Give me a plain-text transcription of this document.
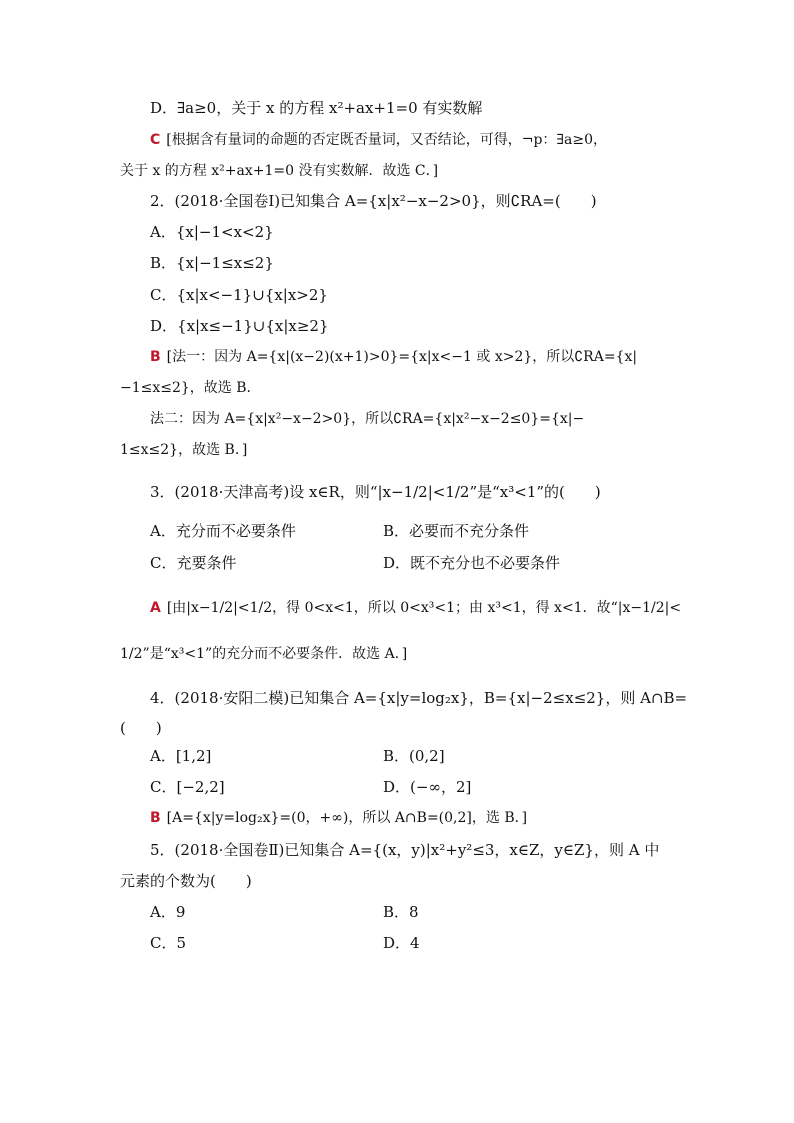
D．∃a≥0，关于 x 的方程 x²+ax+1=0 有实数解
C [根据含有量词的命题的否定既否量词，又否结论，可得，¬p：∃a≥0，
关于 x 的方程 x²+ax+1=0 没有实数解．故选 C．]
2．(2018·全国卷Ⅰ)已知集合 A={x|x²−x−2>0}，则∁RA=(　　)
A．{x|−1<x<2}
B．{x|−1≤x≤2}
C．{x|x<−1}∪{x|x>2}
D．{x|x≤−1}∪{x|x≥2}
B [法一：因为 A={x|(x−2)(x+1)>0}={x|x<−1 或 x>2}，所以∁RA={x|
−1≤x≤2}，故选 B．
法二：因为 A={x|x²−x−2>0}，所以∁RA={x|x²−x−2≤0}={x|−
1≤x≤2}，故选 B．]
3．(2018·天津高考)设 x∈R，则“|x−1/2|<1/2”是“x³<1”的(　　)
A．充分而不必要条件	B．必要而不充分条件
C．充要条件	D．既不充分也不必要条件
A [由|x−1/2|<1/2，得 0<x<1，所以 0<x³<1；由 x³<1，得 x<1．故“|x−1/2|<
1/2”是“x³<1”的充分而不必要条件．故选 A．]
4．(2018·安阳二模)已知集合 A={x|y=log₂x}，B={x|−2≤x≤2}，则 A∩B=
(　　)
A．[1,2]	B．(0,2]
C．[−2,2]	D．(−∞，2]
B [A={x|y=log₂x}=(0，+∞)，所以 A∩B=(0,2]，选 B．]
5．(2018·全国卷Ⅱ)已知集合 A={(x，y)|x²+y²≤3，x∈Z，y∈Z}，则 A 中
元素的个数为(　　)
A．9	B．8
C．5	D．4
